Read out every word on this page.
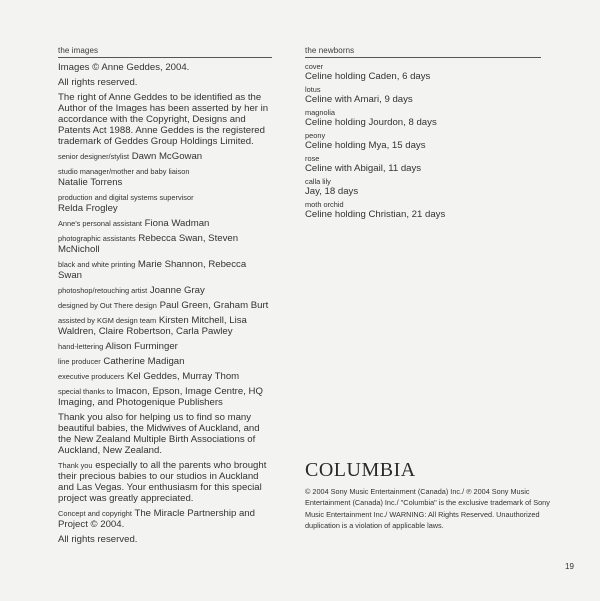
the images
Images © Anne Geddes, 2004.
All rights reserved.
The right of Anne Geddes to be identified as the Author of the Images has been asserted by her in accordance with the Copyright, Designs and Patents Act 1988. Anne Geddes is the registered trademark of Geddes Group Holdings Limited.
senior designer/stylist Dawn McGowan
studio manager/mother and baby liaison
Natalie Torrens
production and digital systems supervisor
Relda Frogley
Anne's personal assistant Fiona Wadman
photographic assistants Rebecca Swan, Steven McNicholl
black and white printing Marie Shannon, Rebecca Swan
photoshop/retouching artist Joanne Gray
designed by Out There design Paul Green, Graham Burt
assisted by KGM design team Kirsten Mitchell, Lisa Waldren, Claire Robertson, Carla Pawley
hand-lettering Alison Furminger
line producer Catherine Madigan
executive producers Kel Geddes, Murray Thom
special thanks to Imacon, Epson, Image Centre, HQ Imaging, and Photogenique Publishers
Thank you also for helping us to find so many beautiful babies, the Midwives of Auckland, and the New Zealand Multiple Birth Associations of Auckland, New Zealand.
Thank you especially to all the parents who brought their precious babies to our studios in Auckland and Las Vegas. Your enthusiasm for this special project was greatly appreciated.
Concept and copyright The Miracle Partnership and Project © 2004.
All rights reserved.
the newborns
cover
Celine holding Caden, 6 days
lotus
Celine with Amari, 9 days
magnolia
Celine holding Jourdon, 8 days
peony
Celine holding Mya, 15 days
rose
Celine with Abigail, 11 days
calla lily
Jay, 18 days
moth orchid
Celine holding Christian, 21 days
COLUMBIA
© 2004 Sony Music Entertainment (Canada) Inc./ ℗ 2004 Sony Music Entertainment (Canada) Inc./ "Columbia" is the exclusive trademark of Sony Music Entertainment Inc./ WARNING: All Rights Reserved. Unauthorized duplication is a violation of applicable laws.
19
